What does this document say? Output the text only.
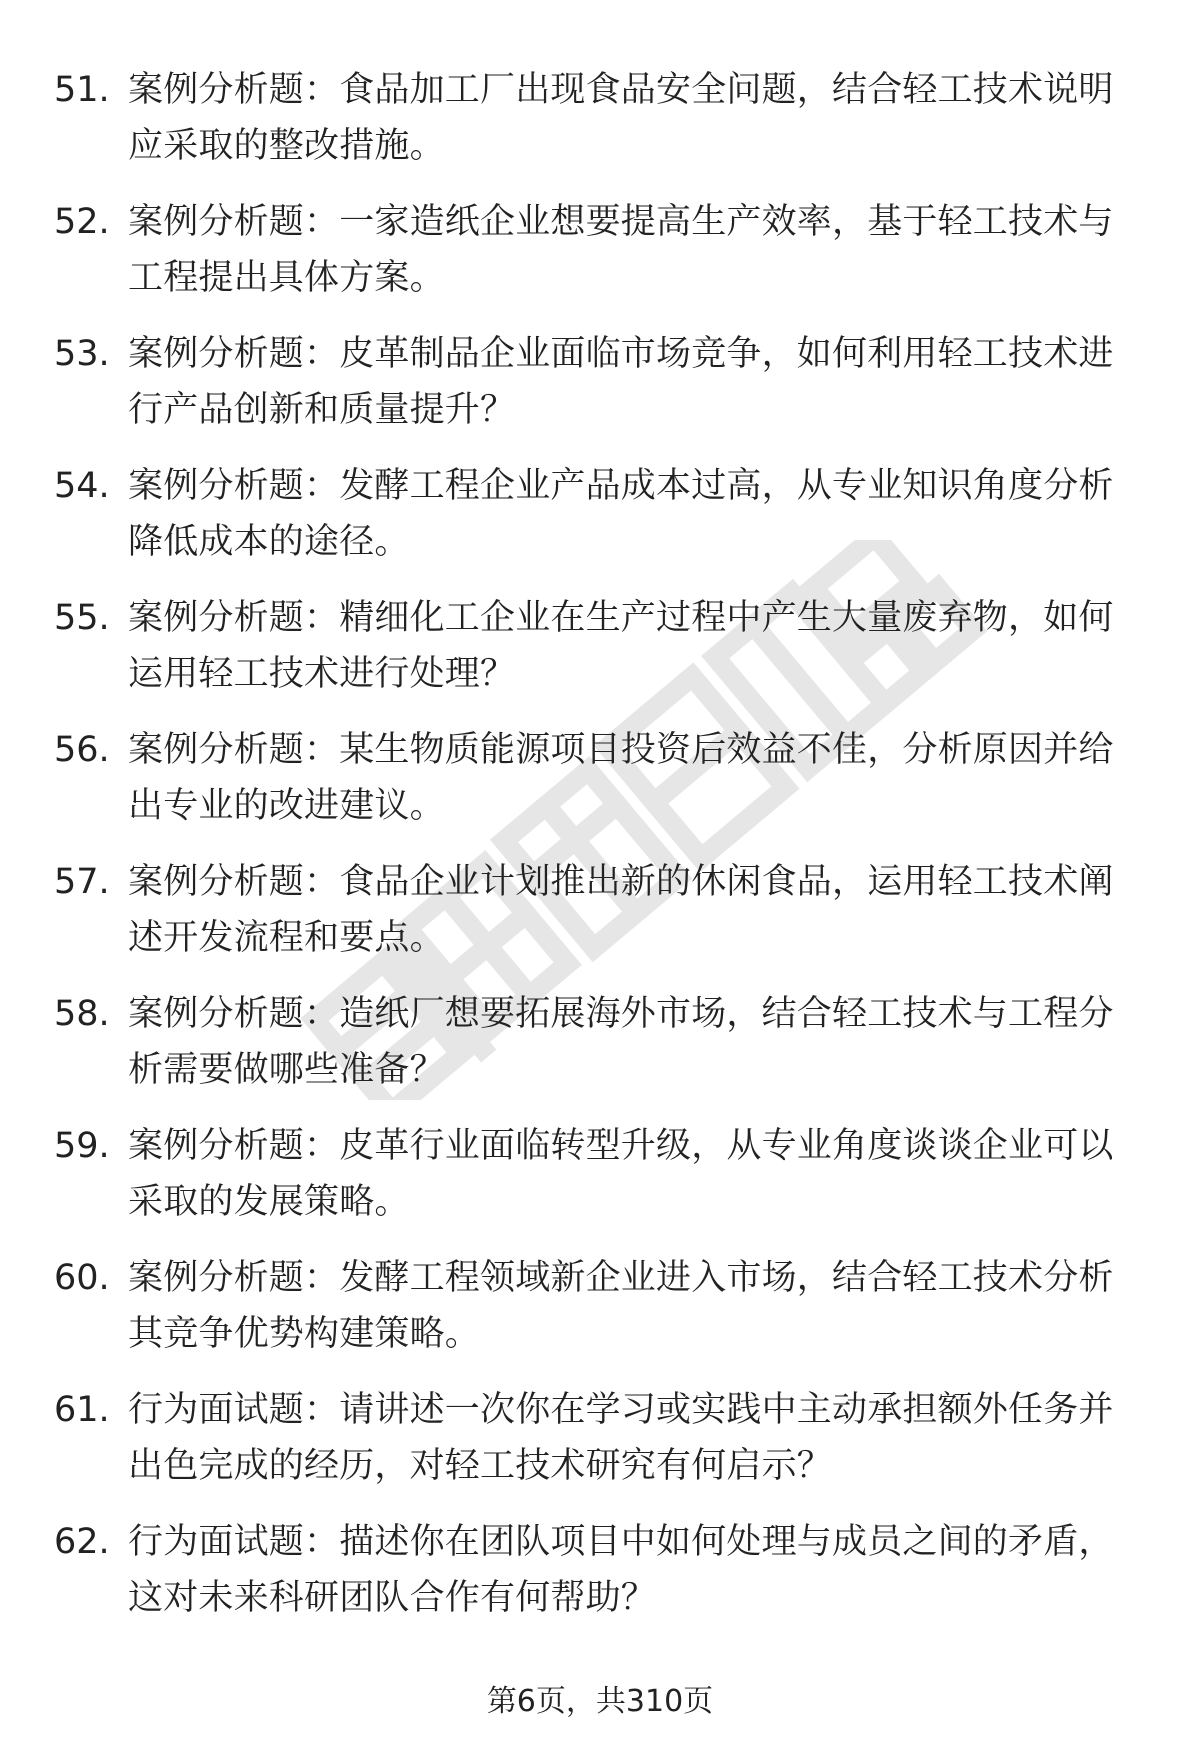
51. 案例分析题：食品加工厂出现食品安全问题，结合轻工技术说明
应采取的整改措施。
52. 案例分析题：一家造纸企业想要提高生产效率，基于轻工技术与
工程提出具体方案。
53. 案例分析题：皮革制品企业面临市场竞争，如何利用轻工技术进
行产品创新和质量提升？
54. 案例分析题：发酵工程企业产品成本过高，从专业知识角度分析
降低成本的途径。
55. 案例分析题：精细化工企业在生产过程中产生大量废弃物，如何
运用轻工技术进行处理？
56. 案例分析题：某生物质能源项目投资后效益不佳，分析原因并给
出专业的改进建议。
57. 案例分析题：食品企业计划推出新的休闲食品，运用轻工技术阐
述开发流程和要点。
58. 案例分析题：造纸厂想要拓展海外市场，结合轻工技术与工程分
析需要做哪些准备？
59. 案例分析题：皮革行业面临转型升级，从专业角度谈谈企业可以
采取的发展策略。
60. 案例分析题：发酵工程领域新企业进入市场，结合轻工技术分析
其竞争优势构建策略。
61. 行为面试题：请讲述一次你在学习或实践中主动承担额外任务并
出色完成的经历，对轻工技术研究有何启示？
62. 行为面试题：描述你在团队项目中如何处理与成员之间的矛盾，
这对未来科研团队合作有何帮助？
第6页，共310页
